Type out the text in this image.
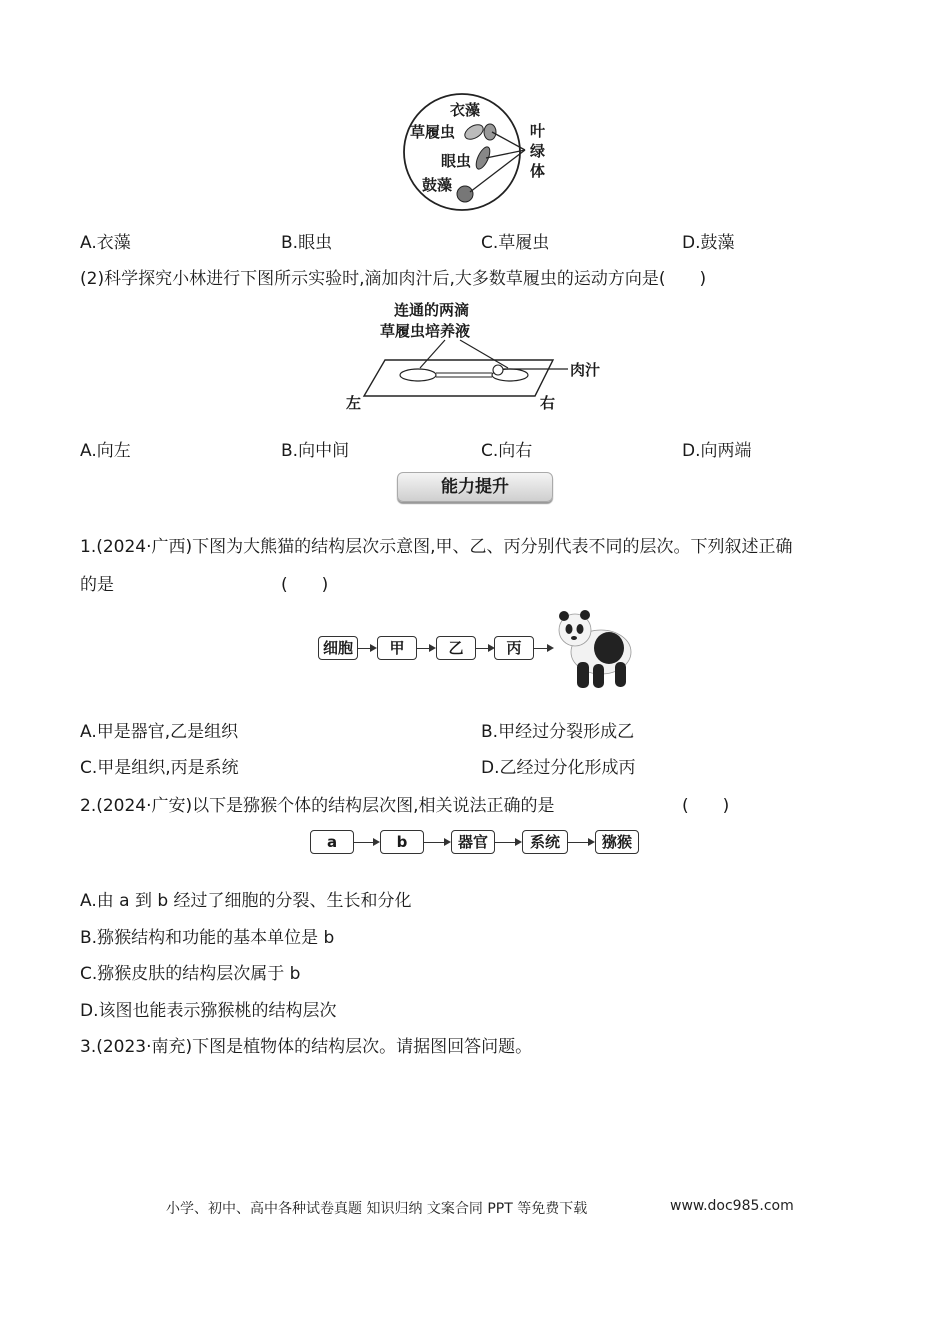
衣藻
草履虫
眼虫
鼓藻
叶
绿
体
A.衣藻	B.眼虫	C.草履虫	D.鼓藻
(2)科学探究小林进行下图所示实验时,滴加肉汁后,大多数草履虫的运动方向是(　　)
连通的两滴
草履虫培养液
肉汁
左	右
A.向左	B.向中间	C.向右	D.向两端
能力提升
1.(2024·广西)下图为大熊猫的结构层次示意图,甲、乙、丙分别代表不同的层次。下列叙述正确
的是	(　　)
细胞	甲	乙	丙
A.甲是器官,乙是组织	B.甲经过分裂形成乙
C.甲是组织,丙是系统	D.乙经过分化形成丙
2.(2024·广安)以下是猕猴个体的结构层次图,相关说法正确的是	(　　)
a	b	器官	系统	猕猴
A.由 a 到 b 经过了细胞的分裂、生长和分化
B.猕猴结构和功能的基本单位是 b
C.猕猴皮肤的结构层次属于 b
D.该图也能表示猕猴桃的结构层次
3.(2023·南充)下图是植物体的结构层次。请据图回答问题。
小学、初中、高中各种试卷真题 知识归纳 文案合同 PPT 等免费下载	www.doc985.com
